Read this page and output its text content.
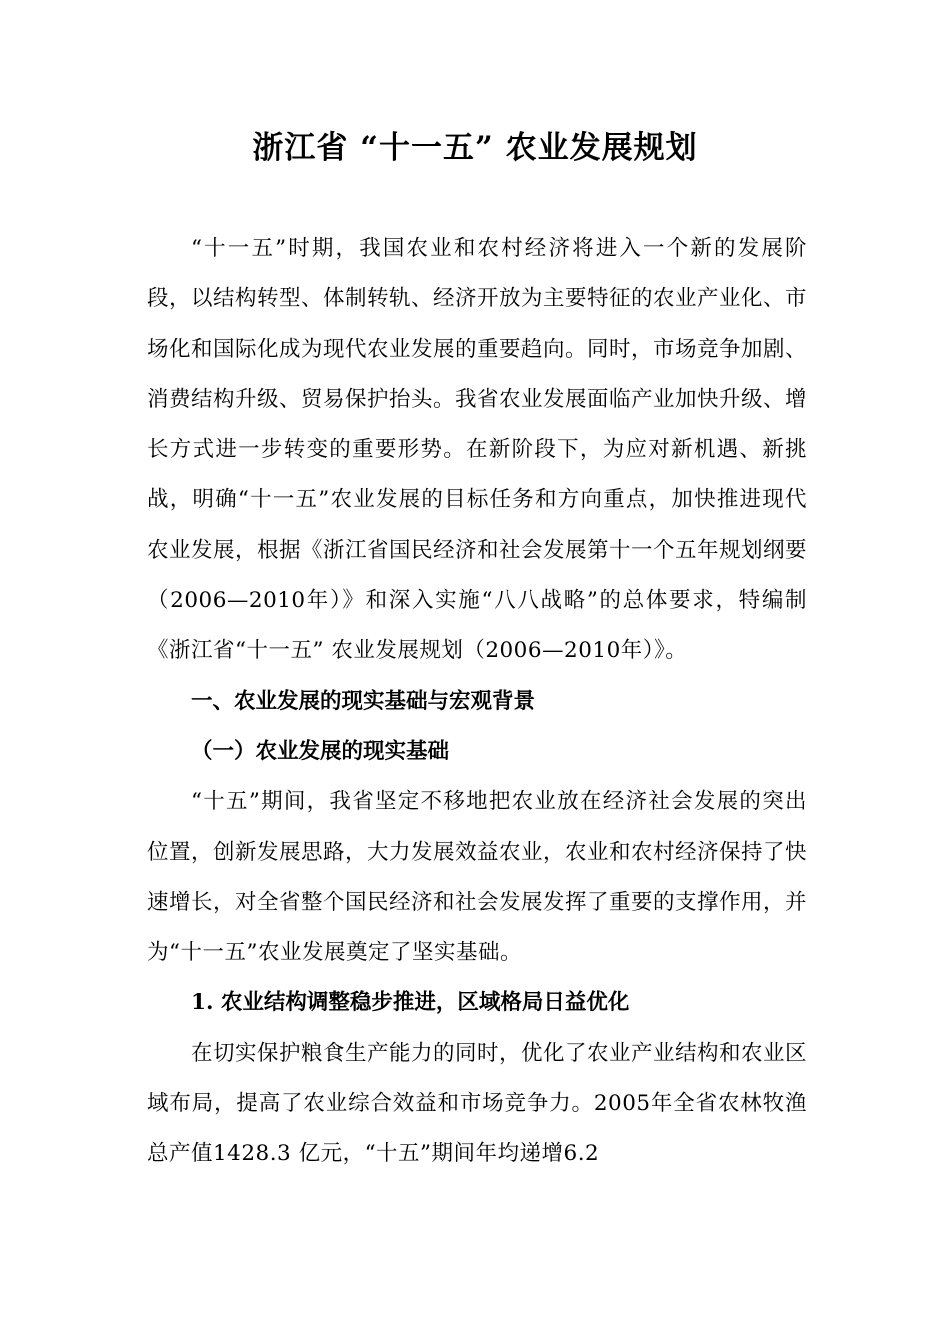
浙江省 “十一五” 农业发展规划

“十一五”时期，我国农业和农村经济将进入一个新的发展阶段，以结构转型、体制转轨、经济开放为主要特征的农业产业化、市场化和国际化成为现代农业发展的重要趋向。同时，市场竞争加剧、消费结构升级、贸易保护抬头。我省农业发展面临产业加快升级、增长方式进一步转变的重要形势。在新阶段下，为应对新机遇、新挑战，明确“十一五”农业发展的目标任务和方向重点，加快推进现代农业发展，根据《浙江省国民经济和社会发展第十一个五年规划纲要（2006—2010年）》和深入实施“八八战略”的总体要求，特编制《浙江省“十一五” 农业发展规划（2006—2010年）》。

一、农业发展的现实基础与宏观背景

（一）农业发展的现实基础

“十五”期间，我省坚定不移地把农业放在经济社会发展的突出位置，创新发展思路，大力发展效益农业，农业和农村经济保持了快速增长，对全省整个国民经济和社会发展发挥了重要的支撑作用，并为“十一五”农业发展奠定了坚实基础。

1. 农业结构调整稳步推进，区域格局日益优化

在切实保护粮食生产能力的同时，优化了农业产业结构和农业区域布局，提高了农业综合效益和市场竞争力。2005年全省农林牧渔总产值1428.3 亿元，“十五”期间年均递增6.2
